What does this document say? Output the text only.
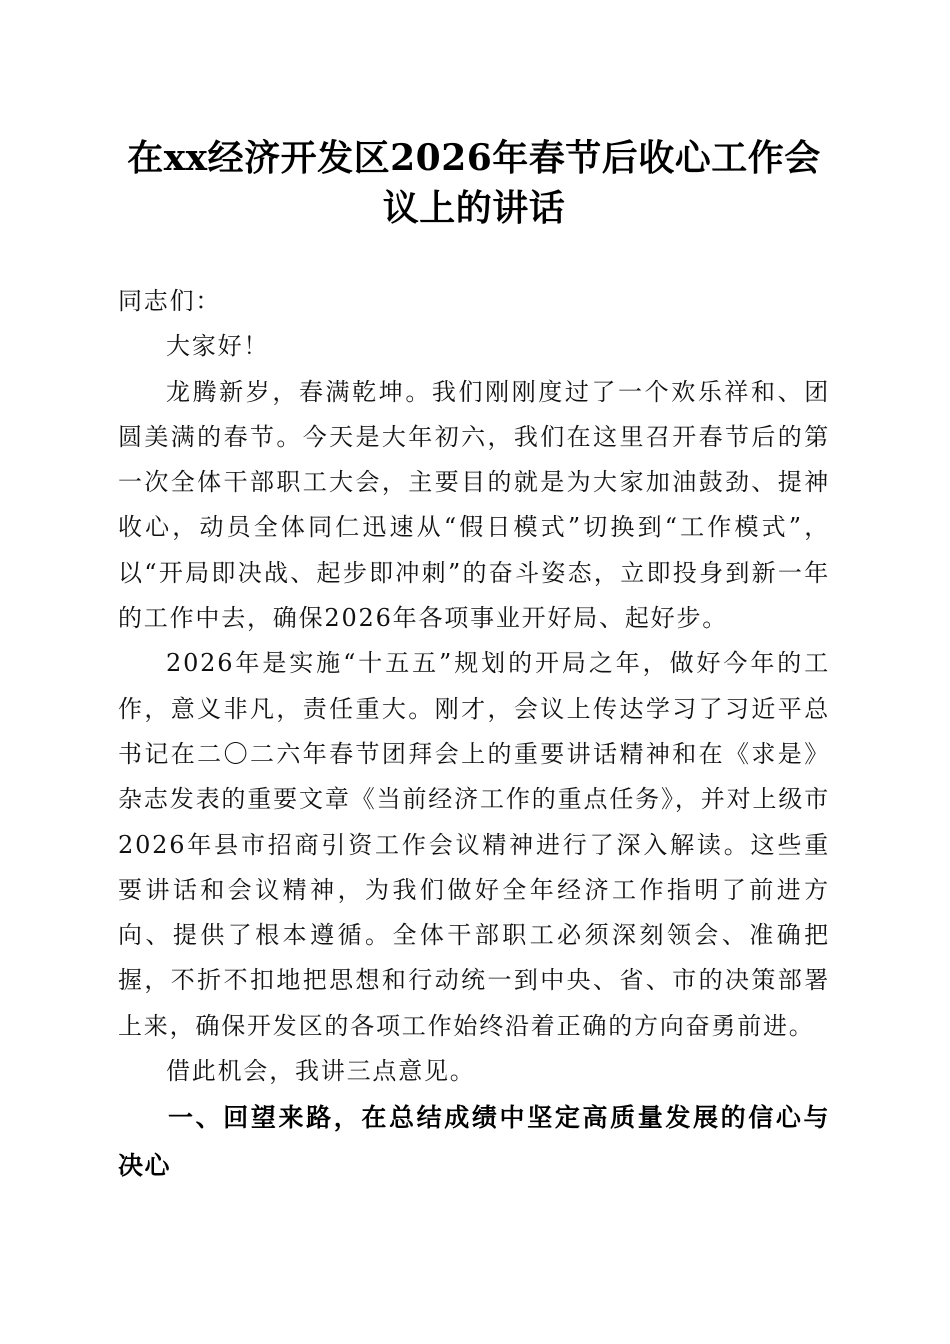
在xx经济开发区2026年春节后收心工作会议上的讲话

同志们：

大家好！

龙腾新岁，春满乾坤。我们刚刚度过了一个欢乐祥和、团圆美满的春节。今天是大年初六，我们在这里召开春节后的第一次全体干部职工大会，主要目的就是为大家加油鼓劲、提神收心，动员全体同仁迅速从“假日模式”切换到“工作模式”，以“开局即决战、起步即冲刺”的奋斗姿态，立即投身到新一年的工作中去，确保2026年各项事业开好局、起好步。

2026年是实施“十五五”规划的开局之年，做好今年的工作，意义非凡，责任重大。刚才，会议上传达学习了习近平总书记在二〇二六年春节团拜会上的重要讲话精神和在《求是》杂志发表的重要文章《当前经济工作的重点任务》，并对上级市2026年县市招商引资工作会议精神进行了深入解读。这些重要讲话和会议精神，为我们做好全年经济工作指明了前进方向、提供了根本遵循。全体干部职工必须深刻领会、准确把握，不折不扣地把思想和行动统一到中央、省、市的决策部署上来，确保开发区的各项工作始终沿着正确的方向奋勇前进。

借此机会，我讲三点意见。

一、回望来路，在总结成绩中坚定高质量发展的信心与决心
